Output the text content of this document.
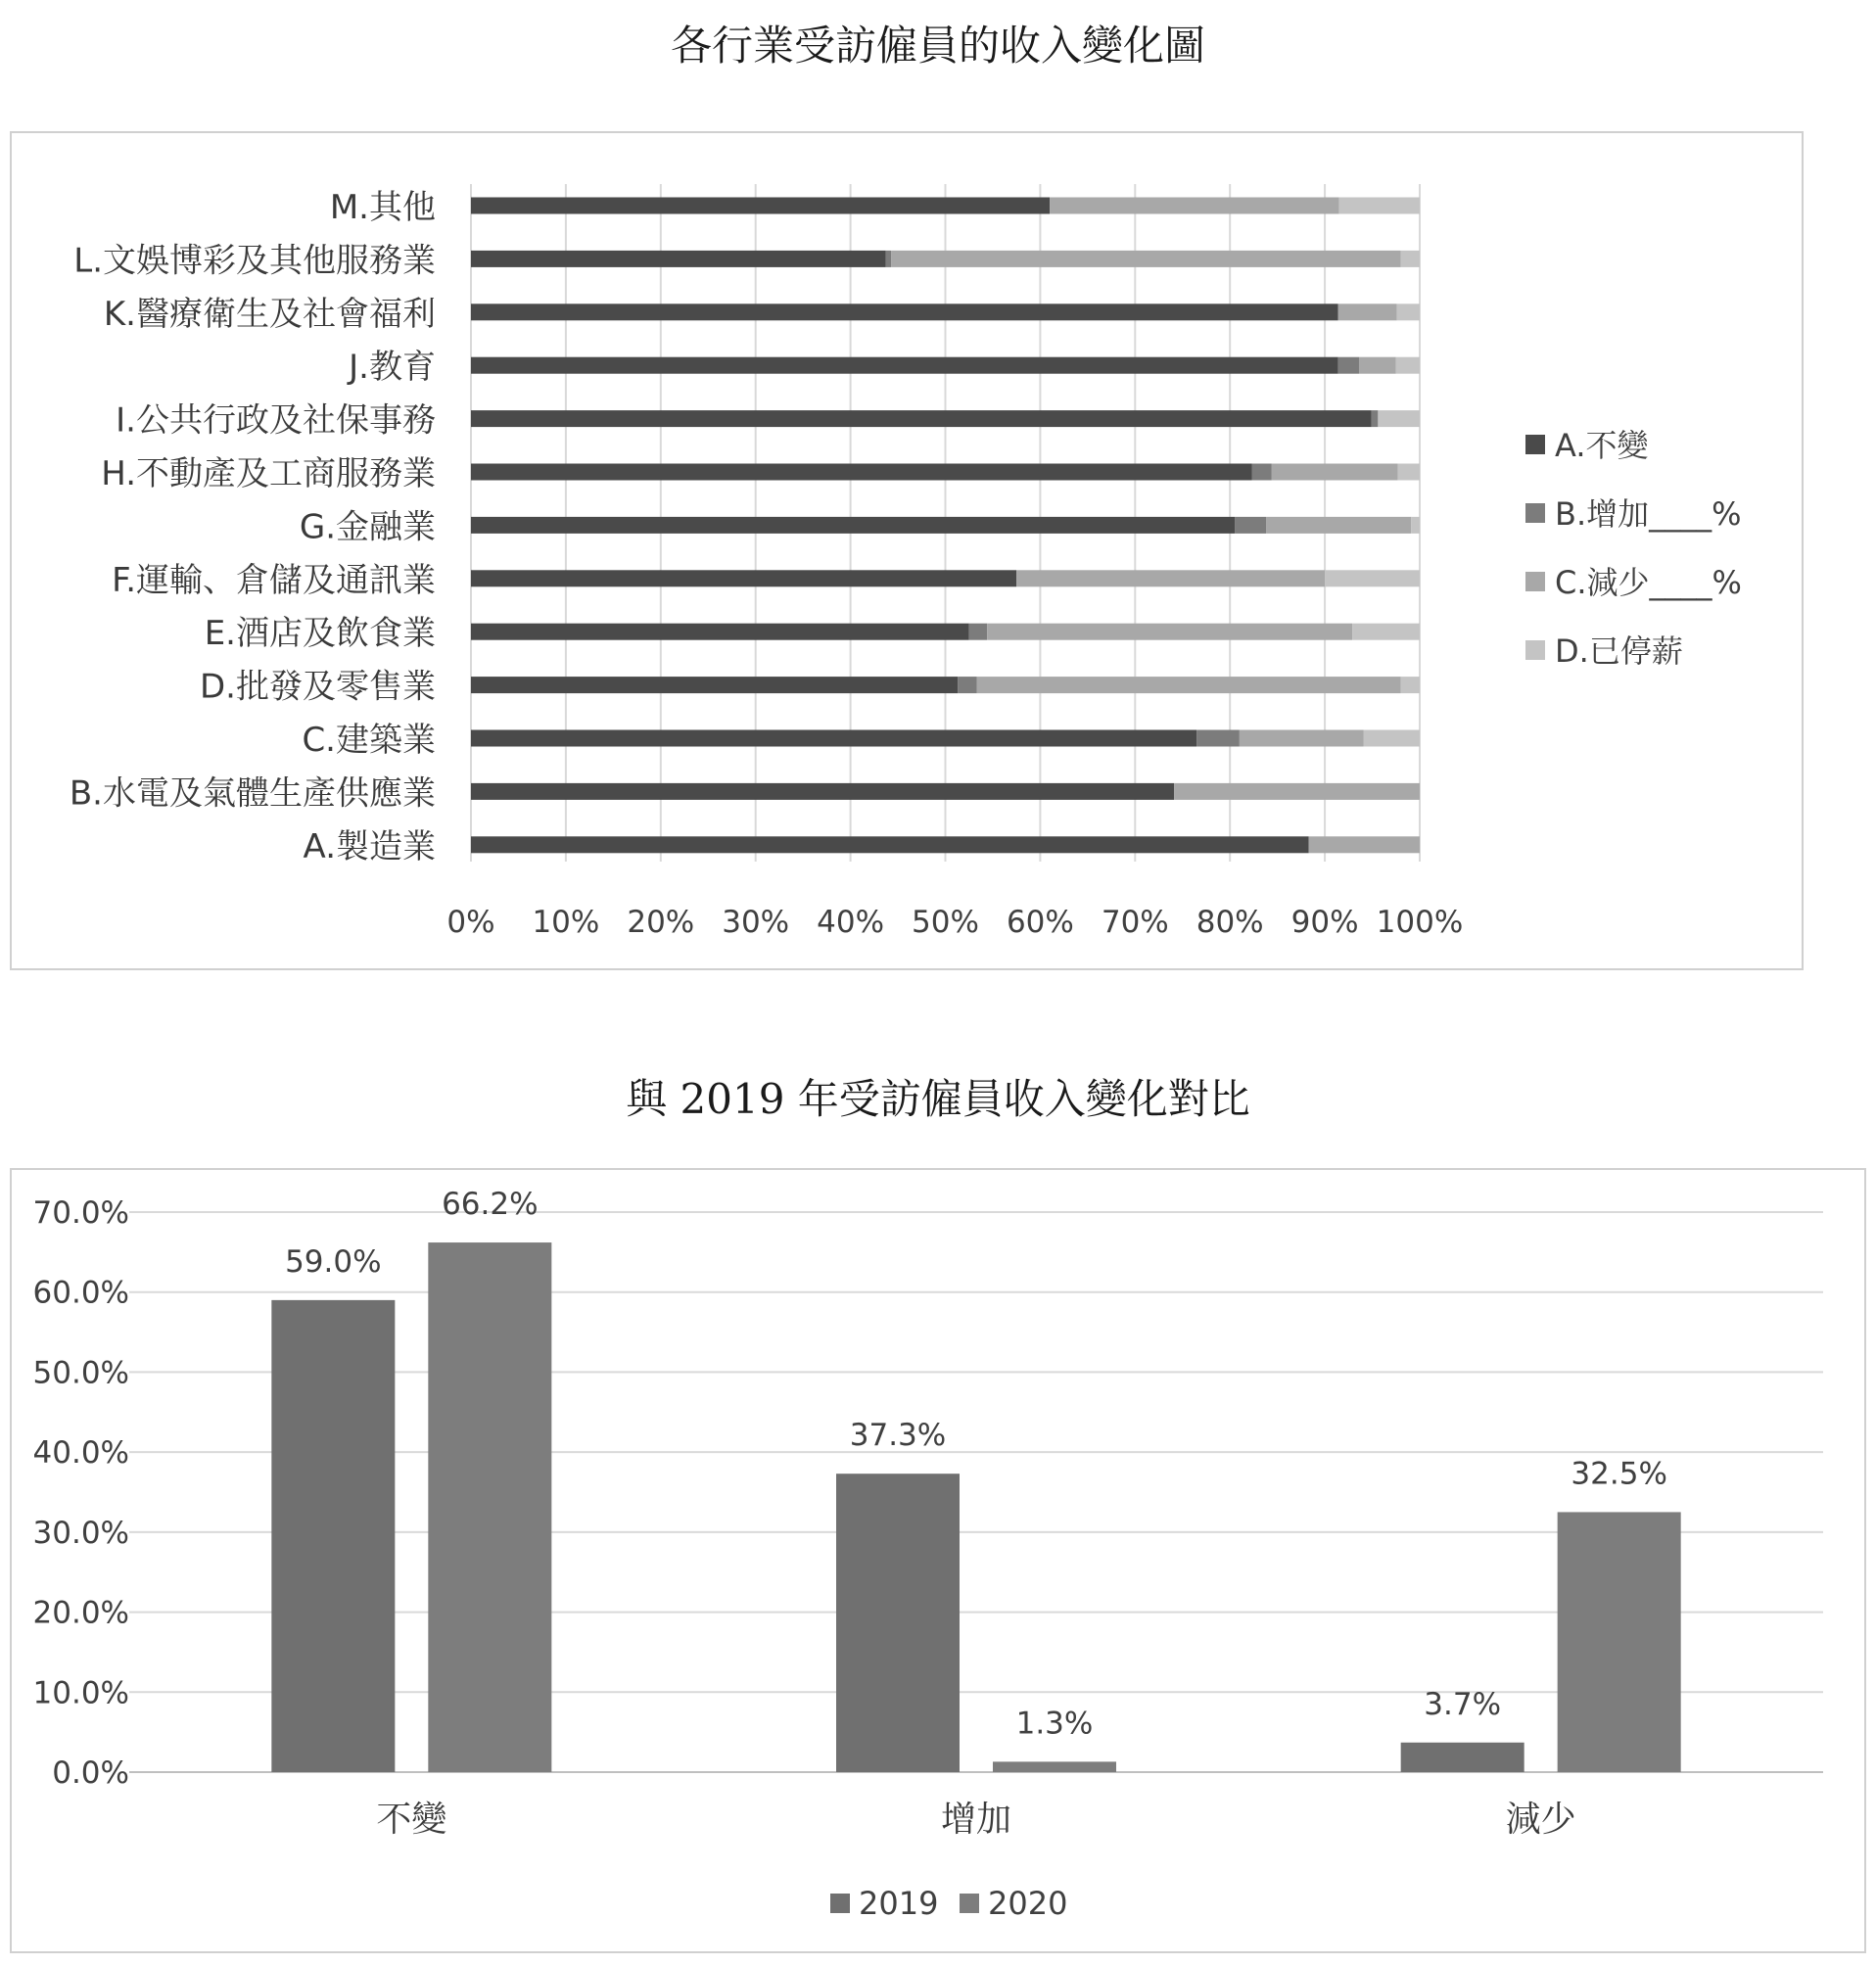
各行業受訪僱員的收入變化圖
與 2019 年受訪僱員收入變化對比
0% 10% 20% 30% 40% 50% 60% 70% 80% 90% 100%
M.其他
L.文娛博彩及其他服務業
K.醫療衛生及社會福利
J.教育
I.公共行政及社保事務
H.不動產及工商服務業
G.金融業
F.運輸、倉儲及通訊業
E.酒店及飲食業
D.批發及零售業
C.建築業
B.水電及氣體生產供應業
A.製造業
A.不變
B.增加____%
C.減少____%
D.已停薪
0.0%
10.0%
20.0%
30.0%
40.0%
50.0%
60.0%
70.0%
不變
59.0%
66.2%
增加
37.3%
1.3%
減少
3.7%
32.5%
2019 2020
